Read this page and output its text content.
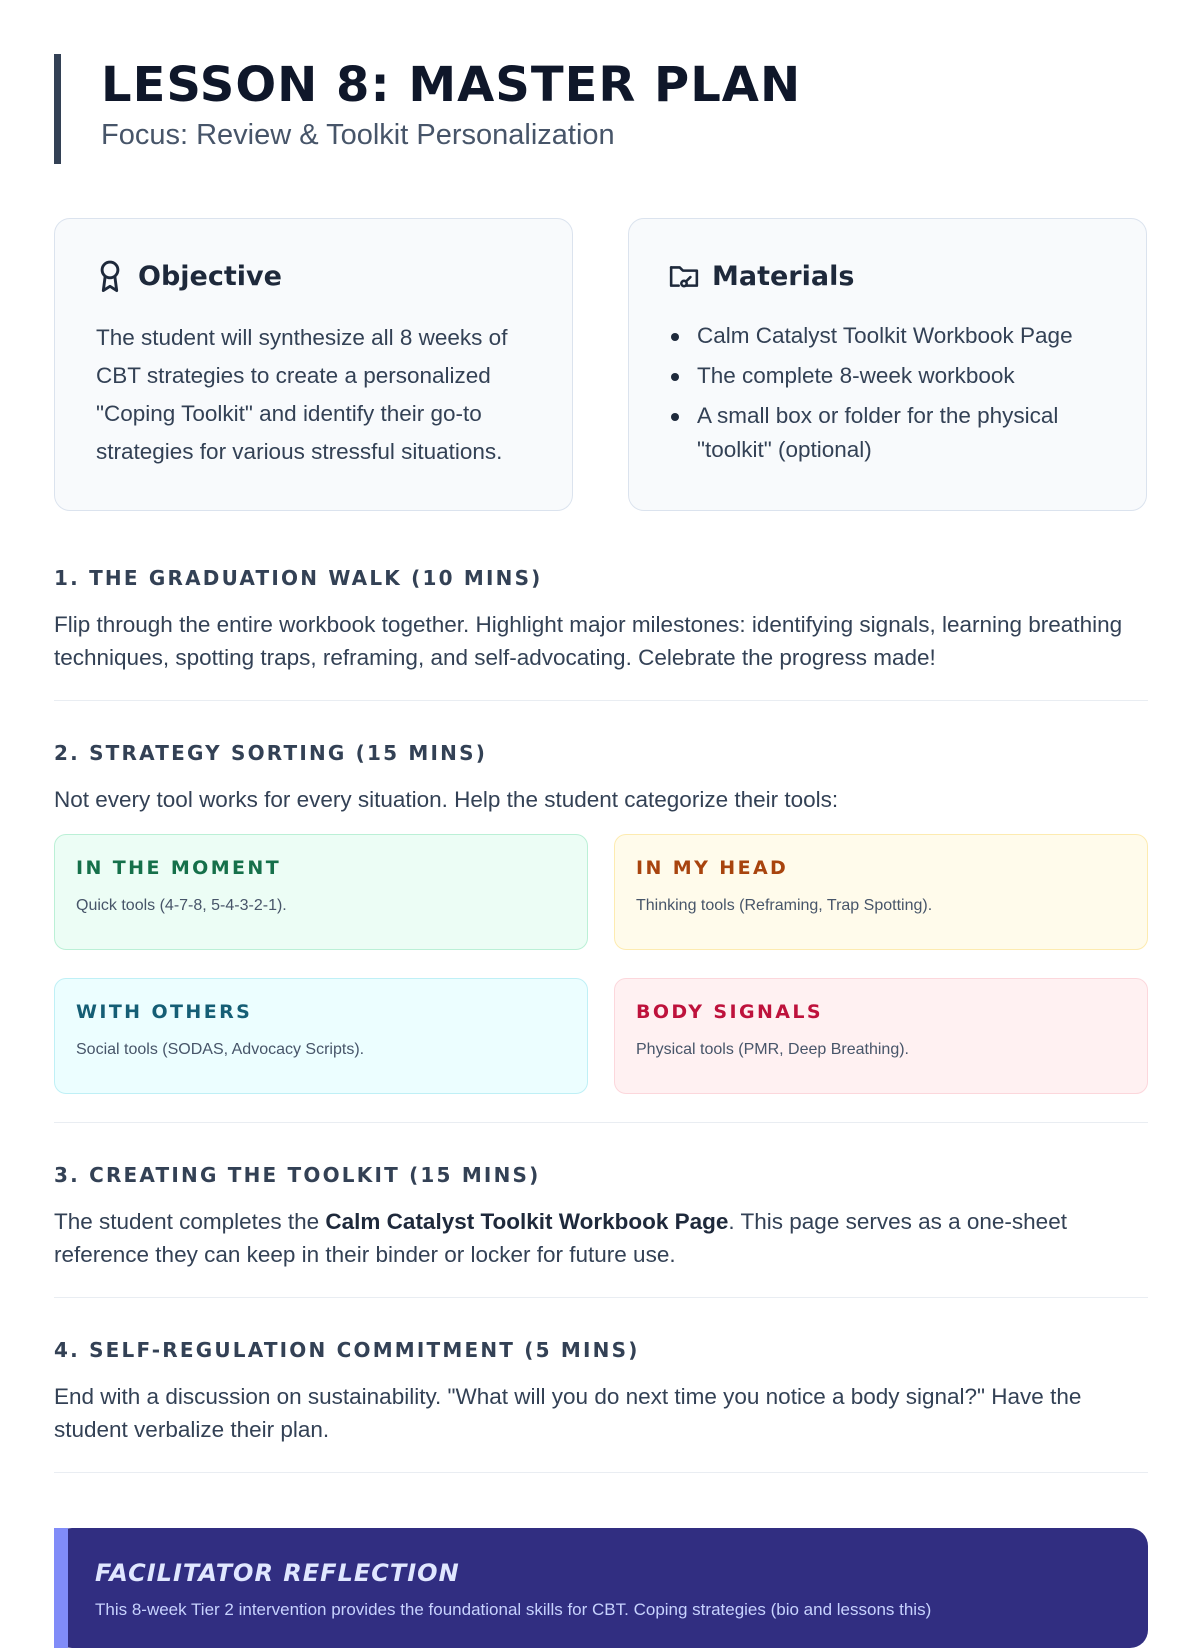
LESSON 8: MASTER PLAN
Focus: Review & Toolkit Personalization
Objective
The student will synthesize all 8 weeks of CBT strategies to create a personalized "Coping Toolkit" and identify their go-to strategies for various stressful situations.
Materials
Calm Catalyst Toolkit Workbook Page
The complete 8-week workbook
A small box or folder for the physical "toolkit" (optional)
1. THE GRADUATION WALK (10 MINS)
Flip through the entire workbook together. Highlight major milestones: identifying signals, learning breathing techniques, spotting traps, reframing, and self-advocating. Celebrate the progress made!
2. STRATEGY SORTING (15 MINS)
Not every tool works for every situation. Help the student categorize their tools:
IN THE MOMENT
Quick tools (4-7-8, 5-4-3-2-1).
IN MY HEAD
Thinking tools (Reframing, Trap Spotting).
WITH OTHERS
Social tools (SODAS, Advocacy Scripts).
BODY SIGNALS
Physical tools (PMR, Deep Breathing).
3. CREATING THE TOOLKIT (15 MINS)
The student completes the Calm Catalyst Toolkit Workbook Page. This page serves as a one-sheet reference they can keep in their binder or locker for future use.
4. SELF-REGULATION COMMITMENT (5 MINS)
End with a discussion on sustainability. "What will you do next time you notice a body signal?" Have the student verbalize their plan.
FACILITATOR REFLECTION
This 8-week Tier 2 intervention provides the foundational skills for CBT. Coping strategies (bio and lessons this)
